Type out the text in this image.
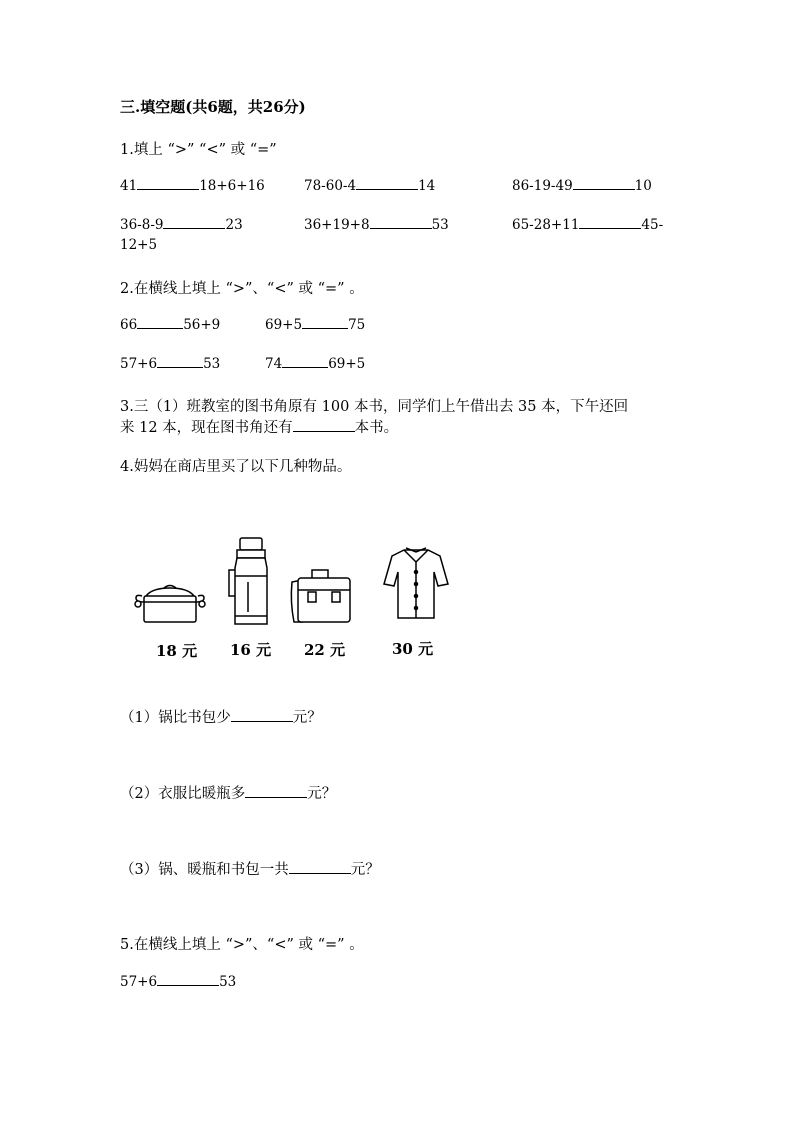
三.填空题(共6题，共26分)
1.填上 “>” “<” 或 “=”
41	18+6+16	78-60-4	14	86-19-49	10
36-8-9	23	36+19+8	53	65-28+11	45-
12+5
2.在横线上填上 “>”、“<” 或 “=” 。
66	56+9	69+5	75
57+6	53	74	69+5
3.三（1）班教室的图书角原有 100 本书，同学们上午借出去 35 本，下午还回
来 12 本，现在图书角还有	本书。
4.妈妈在商店里买了以下几种物品。
18 元 16 元 22 元	30 元
（1）锅比书包少	元？
（2）衣服比暖瓶多	元？
（3）锅、暖瓶和书包一共	元？
5.在横线上填上 “>”、“<” 或 “=” 。
57+6	53
